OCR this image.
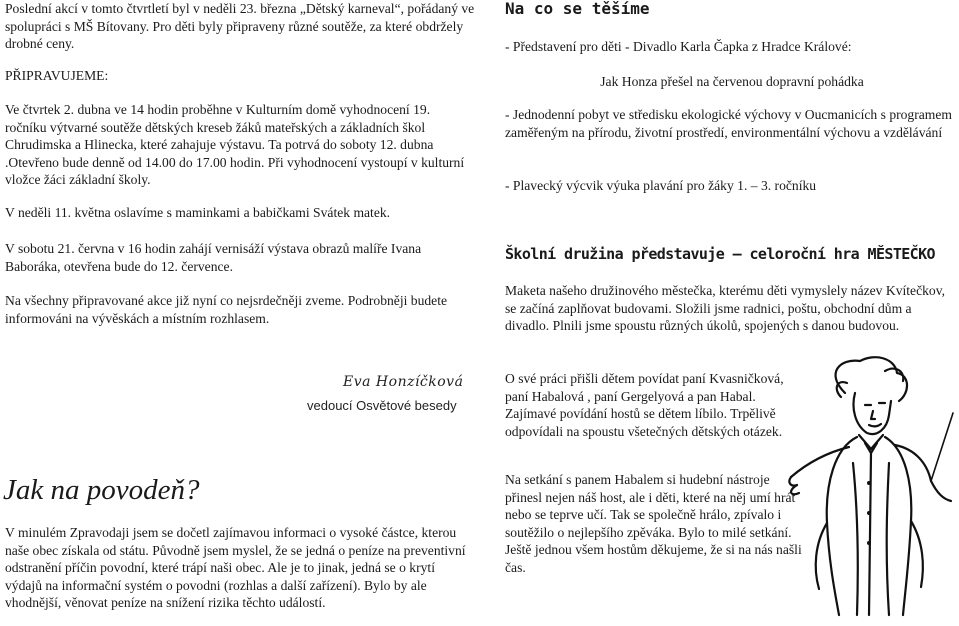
Poslední akcí v tomto čtvrtletí byl v neděli 23. března „Dětský karneval“, pořádaný ve spolupráci s MŠ Bítovany. Pro děti byly připraveny různé soutěže, za které obdržely drobné ceny.

PŘIPRAVUJEME:

Ve čtvrtek 2. dubna ve 14 hodin proběhne v Kulturním domě vyhodnocení 19. ročníku výtvarné soutěže dětských kreseb žáků mateřských a základních škol Chrudimska a Hlinecka, které zahajuje výstavu. Ta potrvá do soboty 12. dubna .Otevřeno bude denně od 14.00 do 17.00 hodin. Při vyhodnocení vystoupí v kulturní vložce žáci základní školy.

V neděli 11. května oslavíme s maminkami a babičkami Svátek matek.

V sobotu 21. června v 16 hodin zahájí vernisáží výstava obrazů malíře Ivana Baboráka, otevřena bude do 12. července.

Na všechny připravované akce již nyní co nejsrdečněji zveme. Podrobněji budete informováni na vývěskách a místním rozhlasem.

Eva Honzíčková
vedoucí Osvětové besedy
Jak na povodeň?

V minulém Zpravodaji jsem se dočetl zajímavou informaci o vysoké částce, kterou naše obec získala od státu. Původně jsem myslel, že se jedná o peníze na preventivní odstranění příčin povodní, které trápí naši obec. Ale je to jinak, jedná se o krytí výdajů na informační systém o povodni (rozhlas a další zařízení). Bylo by ale vhodnější, věnovat peníze na snížení rizika těchto událostí.

Na co se těšíme

- Představení pro děti - Divadlo Karla Čapka z Hradce Králové:

Jak Honza přešel na červenou dopravní pohádka

- Jednodenní pobyt ve středisku ekologické výchovy v Oucmanicích s programem zaměřeným na přírodu, životní prostředí, environmentální výchovu a vzdělávání

- Plavecký výcvik výuka plavání pro žáky 1. – 3. ročníku

Školní družina představuje – celoroční hra MĚSTEČKO

Maketa našeho družinového městečka, kterému děti vymyslely název Kvítečkov, se začíná zaplňovat budovami. Složili jsme radnici, poštu, obchodní dům a divadlo. Plnili jsme spoustu různých úkolů, spojených s danou budovou.

O své práci přišli dětem povídat paní Kvasničková, paní Habalová , paní Gergelyová a pan Habal. Zajímavé povídání hostů se dětem líbilo. Trpělivě odpovídali na spoustu všetečných dětských otázek.

Na setkání s panem Habalem si hudební nástroje přinesl nejen náš host, ale i děti, které na něj umí hrát nebo se teprve učí. Tak se společně hrálo, zpívalo i soutěžilo o nejlepšího zpěváka. Bylo to milé setkání. Ještě jednou všem hostům děkujeme, že si na nás našli čas.
